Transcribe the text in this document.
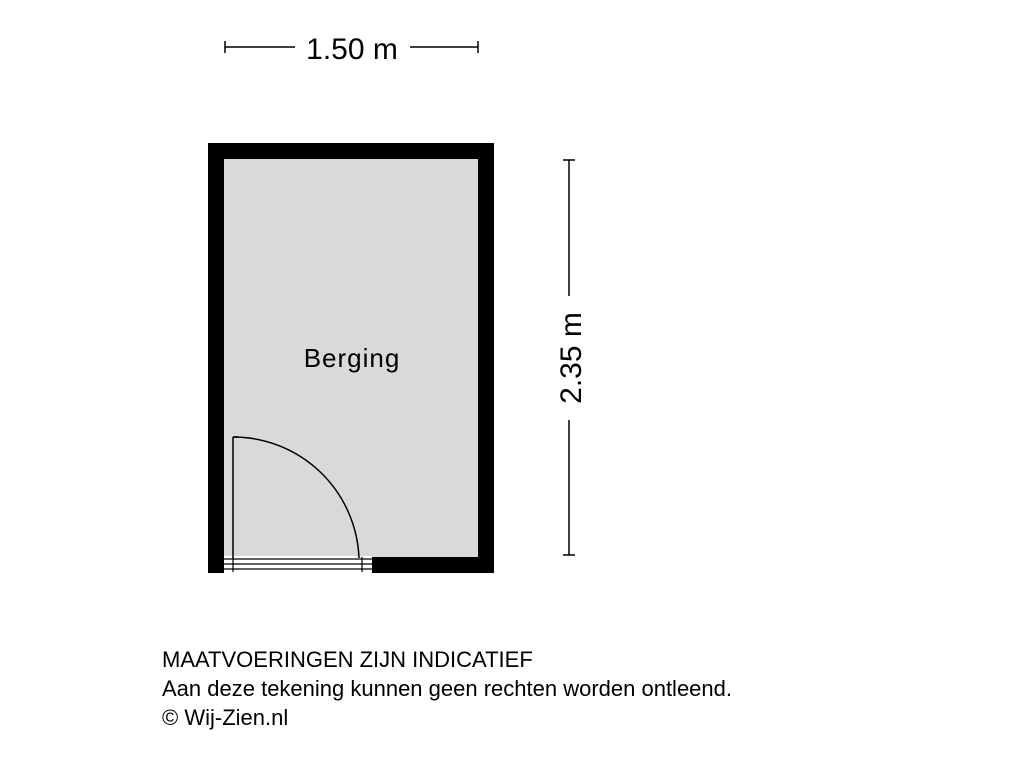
1.50 m
2.35 m
Berging
MAATVOERINGEN ZIJN INDICATIEF
Aan deze tekening kunnen geen rechten worden ontleend.
© Wij-Zien.nl
